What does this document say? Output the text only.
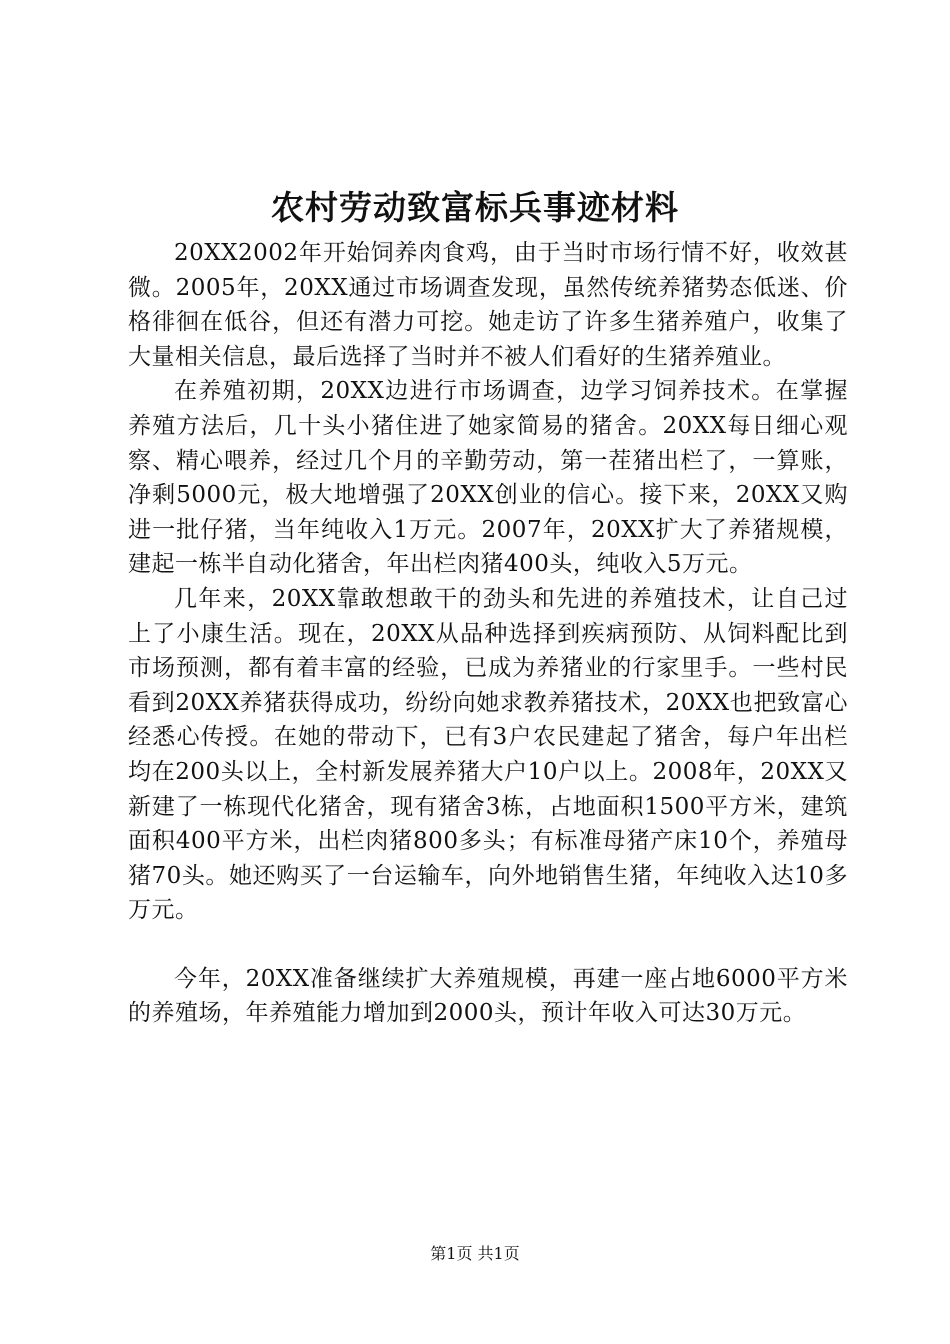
农村劳动致富标兵事迹材料

20XX2002年开始饲养肉食鸡，由于当时市场行情不好，收效甚微。2005年，20XX通过市场调查发现，虽然传统养猪势态低迷、价格徘徊在低谷，但还有潜力可挖。她走访了许多生猪养殖户，收集了大量相关信息，最后选择了当时并不被人们看好的生猪养殖业。

在养殖初期，20XX边进行市场调查，边学习饲养技术。在掌握养殖方法后，几十头小猪住进了她家简易的猪舍。20XX每日细心观察、精心喂养，经过几个月的辛勤劳动，第一茬猪出栏了，一算账，净剩5000元，极大地增强了20XX创业的信心。接下来，20XX又购进一批仔猪，当年纯收入1万元。2007年，20XX扩大了养猪规模，建起一栋半自动化猪舍，年出栏肉猪400头，纯收入5万元。

几年来，20XX靠敢想敢干的劲头和先进的养殖技术，让自己过上了小康生活。现在，20XX从品种选择到疾病预防、从饲料配比到市场预测，都有着丰富的经验，已成为养猪业的行家里手。一些村民看到20XX养猪获得成功，纷纷向她求教养猪技术，20XX也把致富心经悉心传授。在她的带动下，已有3户农民建起了猪舍，每户年出栏均在200头以上，全村新发展养猪大户10户以上。2008年，20XX又新建了一栋现代化猪舍，现有猪舍3栋，占地面积1500平方米，建筑面积400平方米，出栏肉猪800多头；有标准母猪产床10个，养殖母猪70头。她还购买了一台运输车，向外地销售生猪，年纯收入达10多万元。

今年，20XX准备继续扩大养殖规模，再建一座占地6000平方米的养殖场，年养殖能力增加到2000头，预计年收入可达30万元。

第1页 共1页
